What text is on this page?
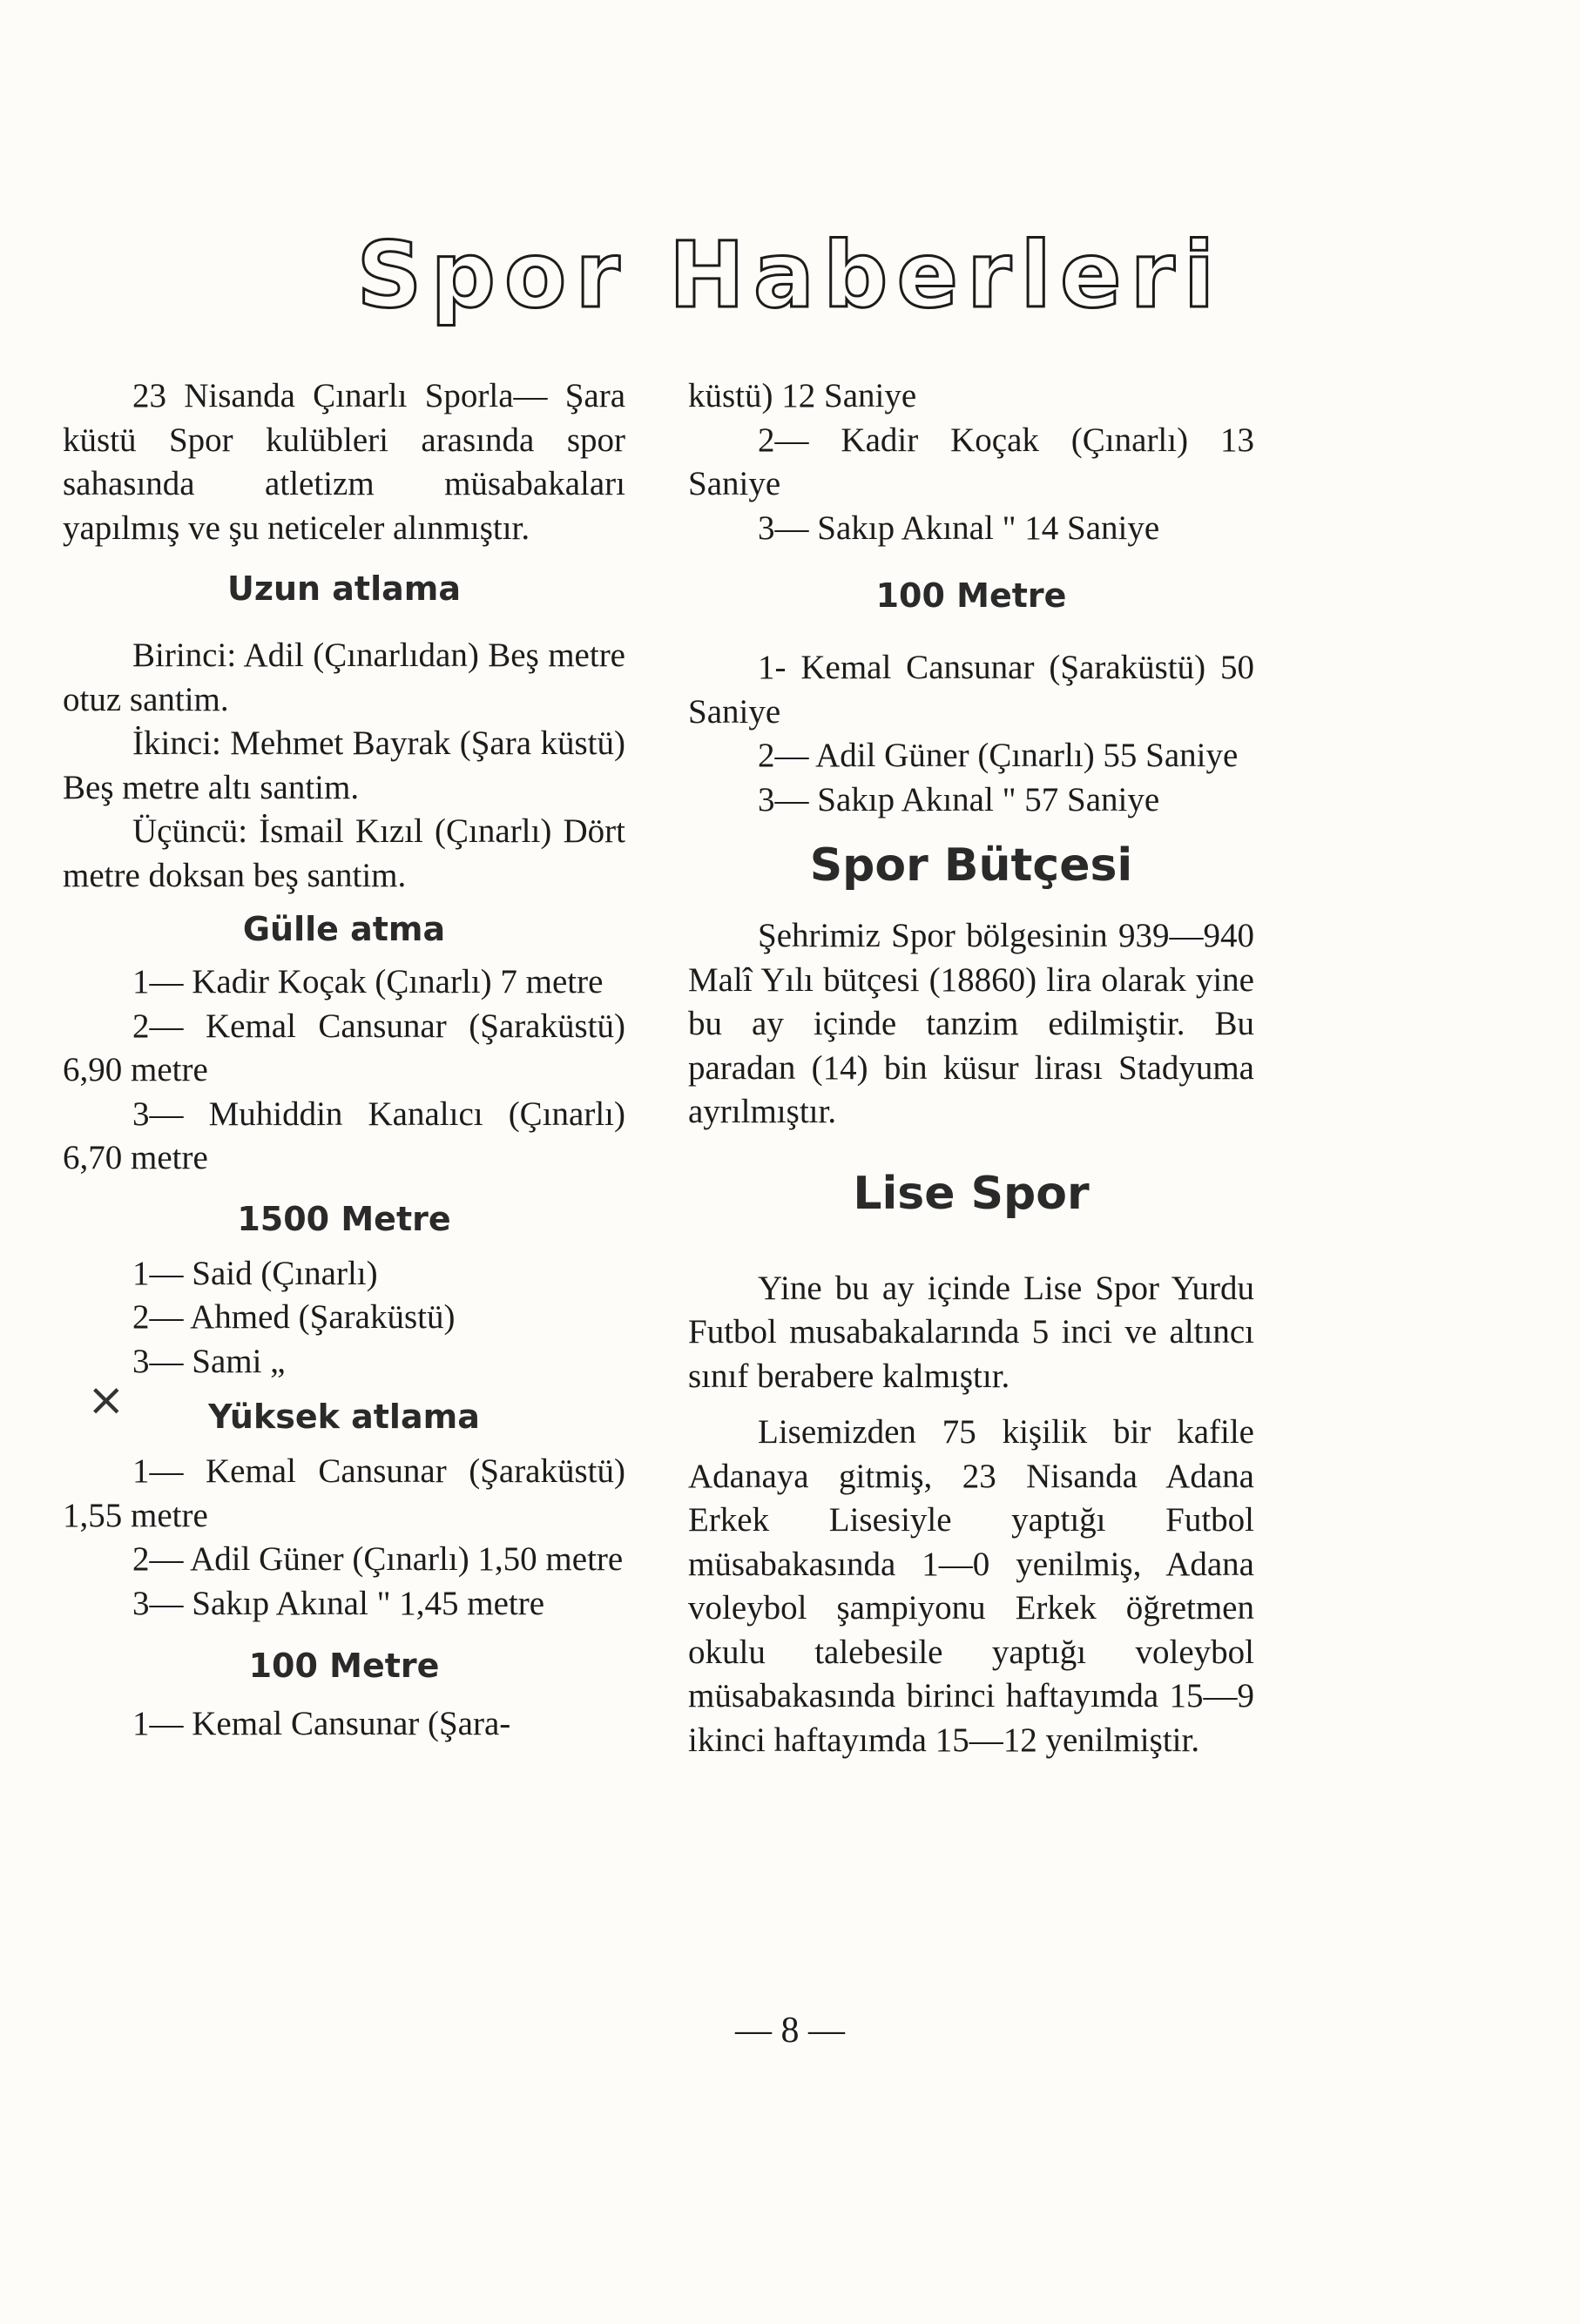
Spor Haberleri
×

23 Nisanda Çınarlı Sporla— Şara küstü Spor kulübleri arasında spor sahasında atletizm müsabakaları yapılmış ve şu neticeler alınmıştır.

Uzun atlama

Birinci: Adil (Çınarlıdan) Beş metre otuz santim.

İkinci: Mehmet Bayrak (Şara küstü) Beş metre altı santim.

Üçüncü: İsmail Kızıl (Çınarlı) Dört metre doksan beş santim.

Gülle atma

1— Kadir Koçak (Çınarlı) 7 metre

2— Kemal Cansunar (Şaraküstü) 6,90 metre

3— Muhiddin Kanalıcı (Çınarlı) 6,70 metre

1500 Metre

1— Said (Çınarlı)

2— Ahmed (Şaraküstü)

3— Sami „

Yüksek atlama

1— Kemal Cansunar (Şaraküstü) 1,55 metre

2— Adil Güner (Çınarlı) 1,50 metre

3— Sakıp Akınal " 1,45 metre

100 Metre

1— Kemal Cansunar (Şara-

küstü) 12 Saniye

2— Kadir Koçak (Çınarlı) 13 Saniye

3— Sakıp Akınal " 14 Saniye

100 Metre

1- Kemal Cansunar (Şaraküstü) 50 Saniye

2— Adil Güner (Çınarlı) 55 Saniye

3— Sakıp Akınal " 57 Saniye

Spor Bütçesi

Şehrimiz Spor bölgesinin 939—940 Malî Yılı bütçesi (18860) lira olarak yine bu ay içinde tanzim edilmiştir. Bu paradan (14) bin küsur lirası Stadyuma ayrılmıştır.

Lise Spor

Yine bu ay içinde Lise Spor Yurdu Futbol musabakalarında 5 inci ve altıncı sınıf berabere kalmıştır.

Lisemizden 75 kişilik bir kafile Adanaya gitmiş, 23 Nisanda Adana Erkek Lisesiyle yaptığı Futbol müsabakasında 1—0 yenilmiş, Adana voleybol şampiyonu Erkek öğretmen okulu talebesile yaptığı voleybol müsabakasında birinci haftayımda 15—9 ikinci haftayımda 15—12 yenilmiştir.

— 8 —
